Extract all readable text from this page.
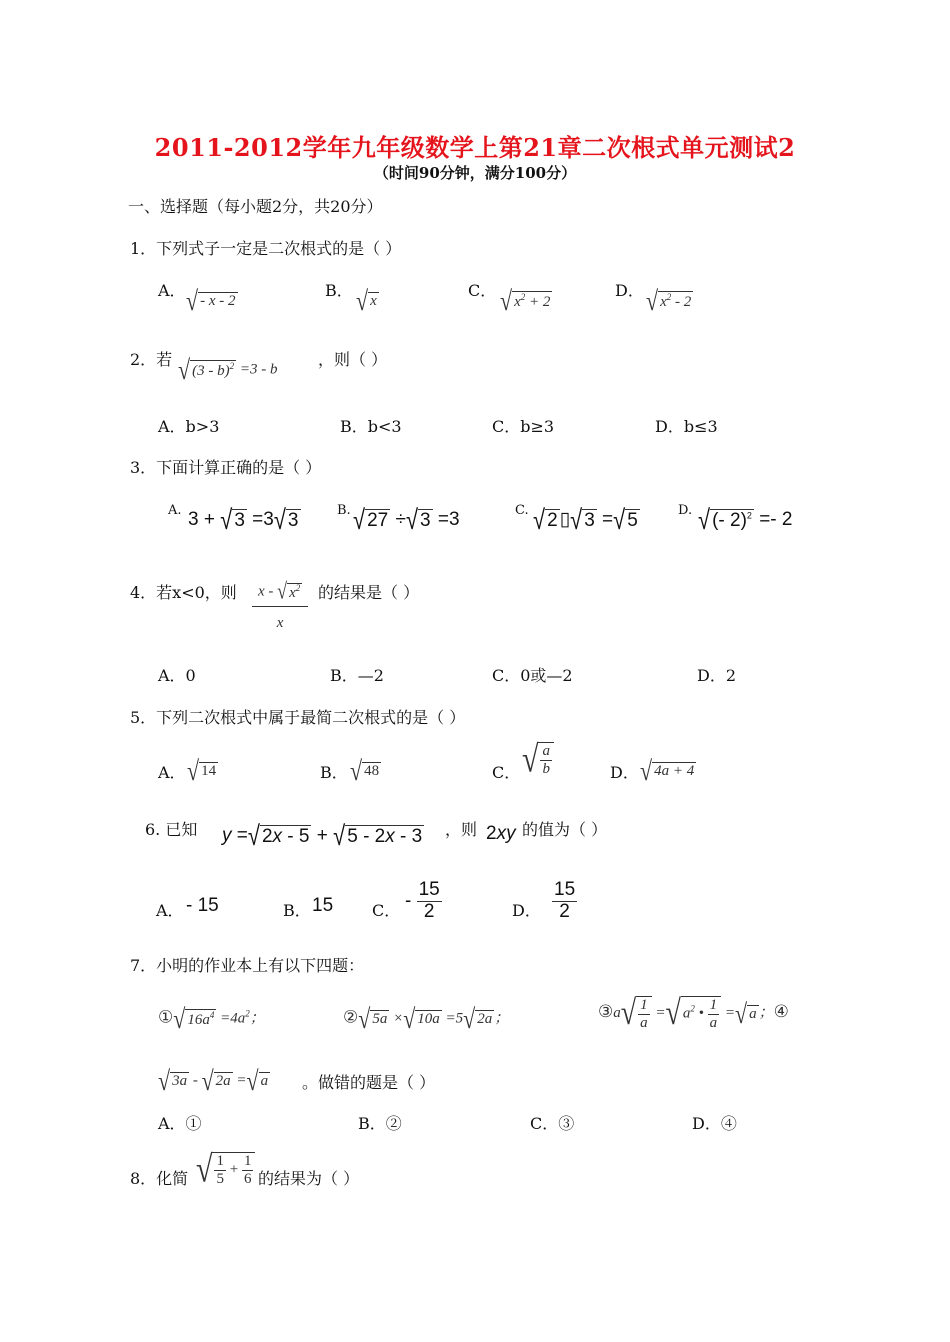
2011-2012学年九年级数学上第21章二次根式单元测试2
（时间90分钟，满分100分）
一、选择题（每小题2分，共20分）
1．下列式子一定是二次根式的是（ ）
A． √ - x - 2
B． √ x
C． √ $x^2 + 2$
D． √ $x^2 - 2$
2．若 √ (3 - b)$^2$ =3 - b
，则（ ）
A．b>3	B．b<3	C．b≥3	D．b≤3
3．下面计算正确的是（ ）
A. 3 + √ 3 =3√ 3	B. √ 27 ÷√ 3 =3	C. √ 2 ▯√ 3 =√ 5	D. √ (- 2)$^2$ =- 2
4．若x<0，则 $\frac{x - √ x^2}{x}$ 的结果是（ ）
A．0	B．—2	C．0或—2	D．2
5．下列二次根式中属于最简二次根式的是（ ）
A． √ 14	B． √ 48	C． √ $\frac{a}{b}$	D． √ 4a + 4
6. 已知 y =√ 2x - 5 + √ 5 - 2x - 3 ，则 2xy 的值为（ ）
A． - 15	B． 15 C． - $\frac{15}{2}$	D． $\frac{15}{2}$
7．小明的作业本上有以下四题：
①√ $16a^4 =4a^2$；	②√ 5a ×√ 10a =5√ 2a ；	③a√ $\frac{1}{a}$ =√ $a^2$ • $\frac{1}{a}$ =√ a ；④
√ 3a - √ 2a =√ a 。做错的题是（ ）
A．①	B．②	C．③	D．④
8．化简 √ $\frac{1}{5} + \frac{1}{6}$ 的结果为（ ）
